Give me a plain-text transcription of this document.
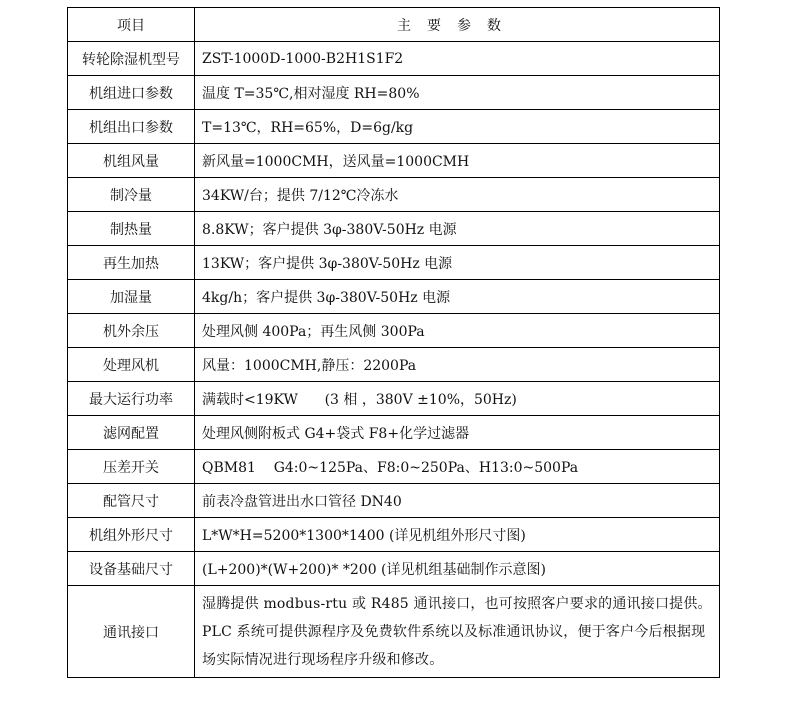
项目	主要参数
转轮除湿机型号	ZST-1000D-1000-B2H1S1F2
机组进口参数	温度 T=35℃,相对湿度 RH=80%
机组出口参数	T=13℃，RH=65%，D=6g/kg
机组风量	新风量=1000CMH，送风量=1000CMH
制冷量	34KW/台；提供 7/12℃冷冻水
制热量	8.8KW；客户提供 3φ-380V-50Hz 电源
再生加热	13KW；客户提供 3φ-380V-50Hz 电源
加湿量	4kg/h；客户提供 3φ-380V-50Hz 电源
机外余压	处理风侧 400Pa；再生风侧 300Pa
处理风机	风量：1000CMH,静压：2200Pa
最大运行功率	满载时<19KW      (3 相 ，380V ±10%，50Hz)
滤网配置	处理风侧附板式 G4+袋式 F8+化学过滤器
压差开关	QBM81    G4:0~125Pa、F8:0~250Pa、H13:0~500Pa
配管尺寸	前表冷盘管进出水口管径 DN40
机组外形尺寸	L*W*H=5200*1300*1400 (详见机组外形尺寸图)
设备基础尺寸	(L+200)*(W+200)* *200 (详见机组基础制作示意图)
通讯接口	湿腾提供 modbus-rtu 或 R485 通讯接口，也可按照客户要求的通讯接口提供。PLC 系统可提供源程序及免费软件系统以及标准通讯协议，便于客户今后根据现场实际情况进行现场程序升级和修改。
